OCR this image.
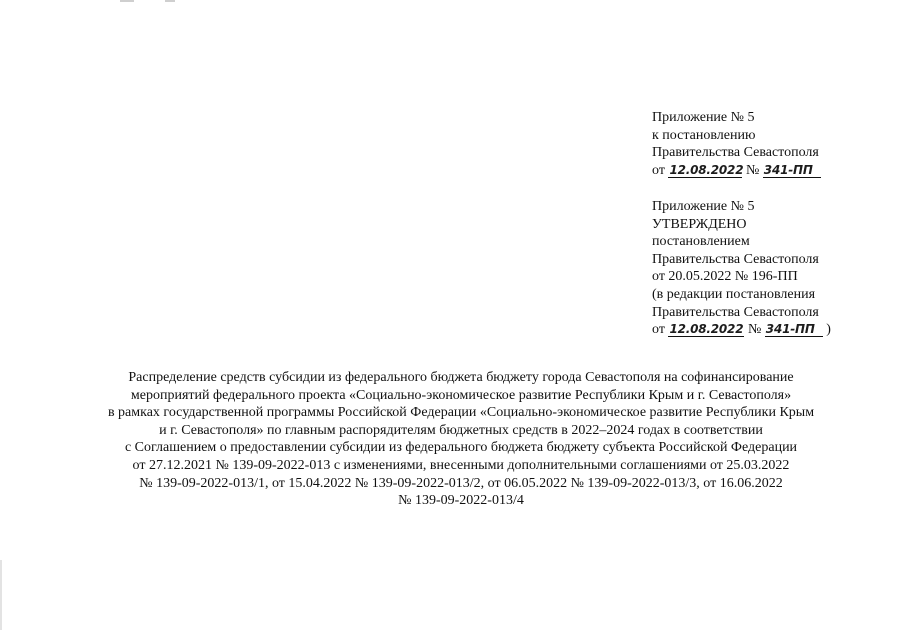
Приложение № 5
к постановлению
Правительства Севастополя
от 12.08.2022 № 341-ПП
Приложение № 5
УТВЕРЖДЕНО
постановлением
Правительства Севастополя
от 20.05.2022 № 196-ПП
(в редакции постановления
Правительства Севастополя
от 12.08.2022 № 341-ПП )
Распределение средств субсидии из федерального бюджета бюджету города Севастополя на софинансирование
мероприятий федерального проекта «Социально-экономическое развитие Республики Крым и г. Севастополя»
в рамках государственной программы Российской Федерации «Социально-экономическое развитие Республики Крым
и г. Севастополя» по главным распорядителям бюджетных средств в 2022–2024 годах в соответствии
с Соглашением о предоставлении субсидии из федерального бюджета бюджету субъекта Российской Федерации
от 27.12.2021 № 139-09-2022-013 с изменениями, внесенными дополнительными соглашениями от 25.03.2022
№ 139-09-2022-013/1, от 15.04.2022 № 139-09-2022-013/2, от 06.05.2022 № 139-09-2022-013/3, от 16.06.2022
№ 139-09-2022-013/4
